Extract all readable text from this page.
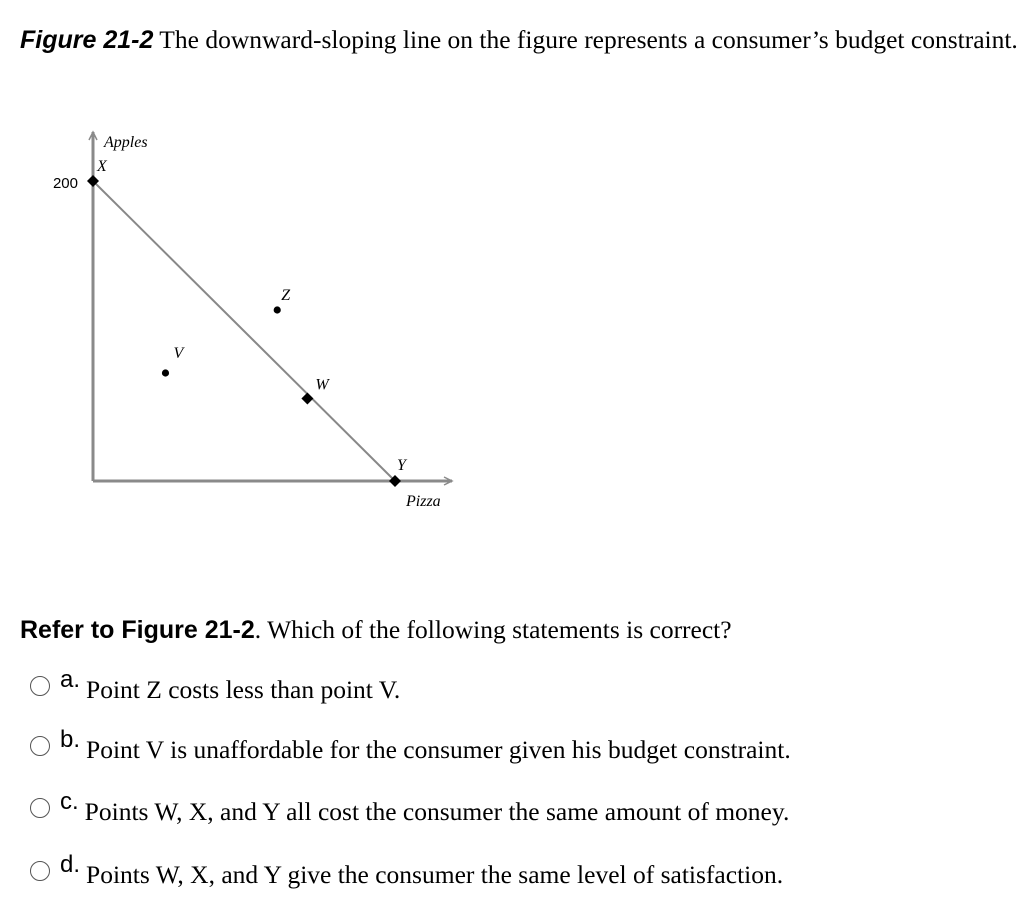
Figure 21-2 The downward-sloping line on the figure represents a consumer’s budget constraint.
Apples
Pizza
200
X
Z
V
W
Y
Refer to Figure 21-2. Which of the following statements is correct?
a. Point Z costs less than point V.
b. Point V is unaffordable for the consumer given his budget constraint.
c. Points W, X, and Y all cost the consumer the same amount of money.
d. Points W, X, and Y give the consumer the same level of satisfaction.
